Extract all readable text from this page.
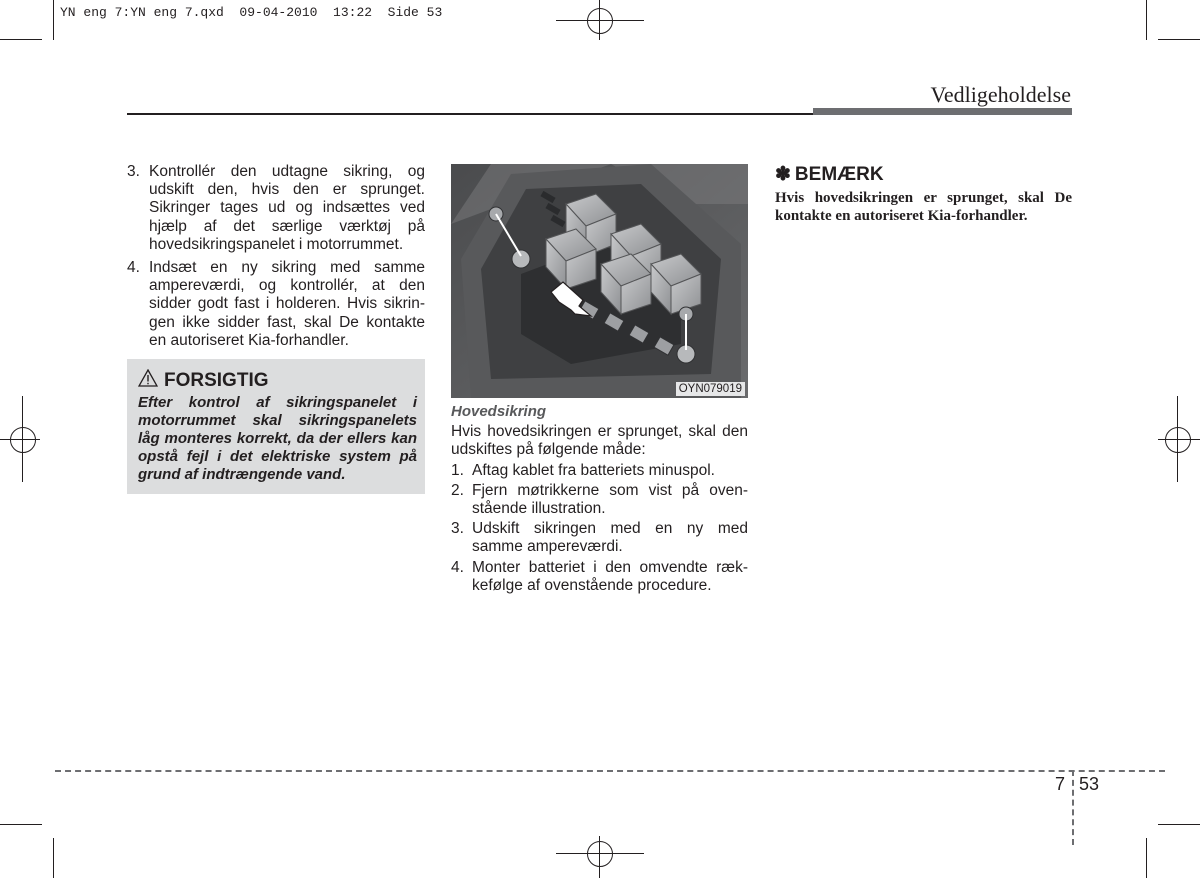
YN eng 7:YN eng 7.qxd  09-04-2010  13:22  Side 53
Vedligeholdelse
3. Kontrollér den udtagne sikring, og udskift den, hvis den er sprunget. Sikringer tages ud og indsættes ved hjælp af det særlige værktøj på hovedsikringspanelet i motorrummet.
4. Indsæt en ny sikring med samme ampereværdi, og kontrollér, at den sidder godt fast i holderen. Hvis sikringen ikke sidder fast, skal De kontakte en autoriseret Kia-forhandler.
FORSIGTIG
Efter kontrol af sikringspanelet i motorrummet skal sikringspanelets låg monteres korrekt, da der ellers kan opstå fejl i det elektriske system på grund af indtrængende vand.
OYN079019
Hovedsikring
Hvis hovedsikringen er sprunget, skal den udskiftes på følgende måde:
1. Aftag kablet fra batteriets minuspol.
2. Fjern møtrikkerne som vist på ovenstående illustration.
3. Udskift sikringen med en ny med samme ampereværdi.
4. Monter batteriet i den omvendte rækkefølge af ovenstående procedure.
✽ BEMÆRK
Hvis hovedsikringen er sprunget, skal De kontakte en autoriseret Kia-forhandler.
7 53
